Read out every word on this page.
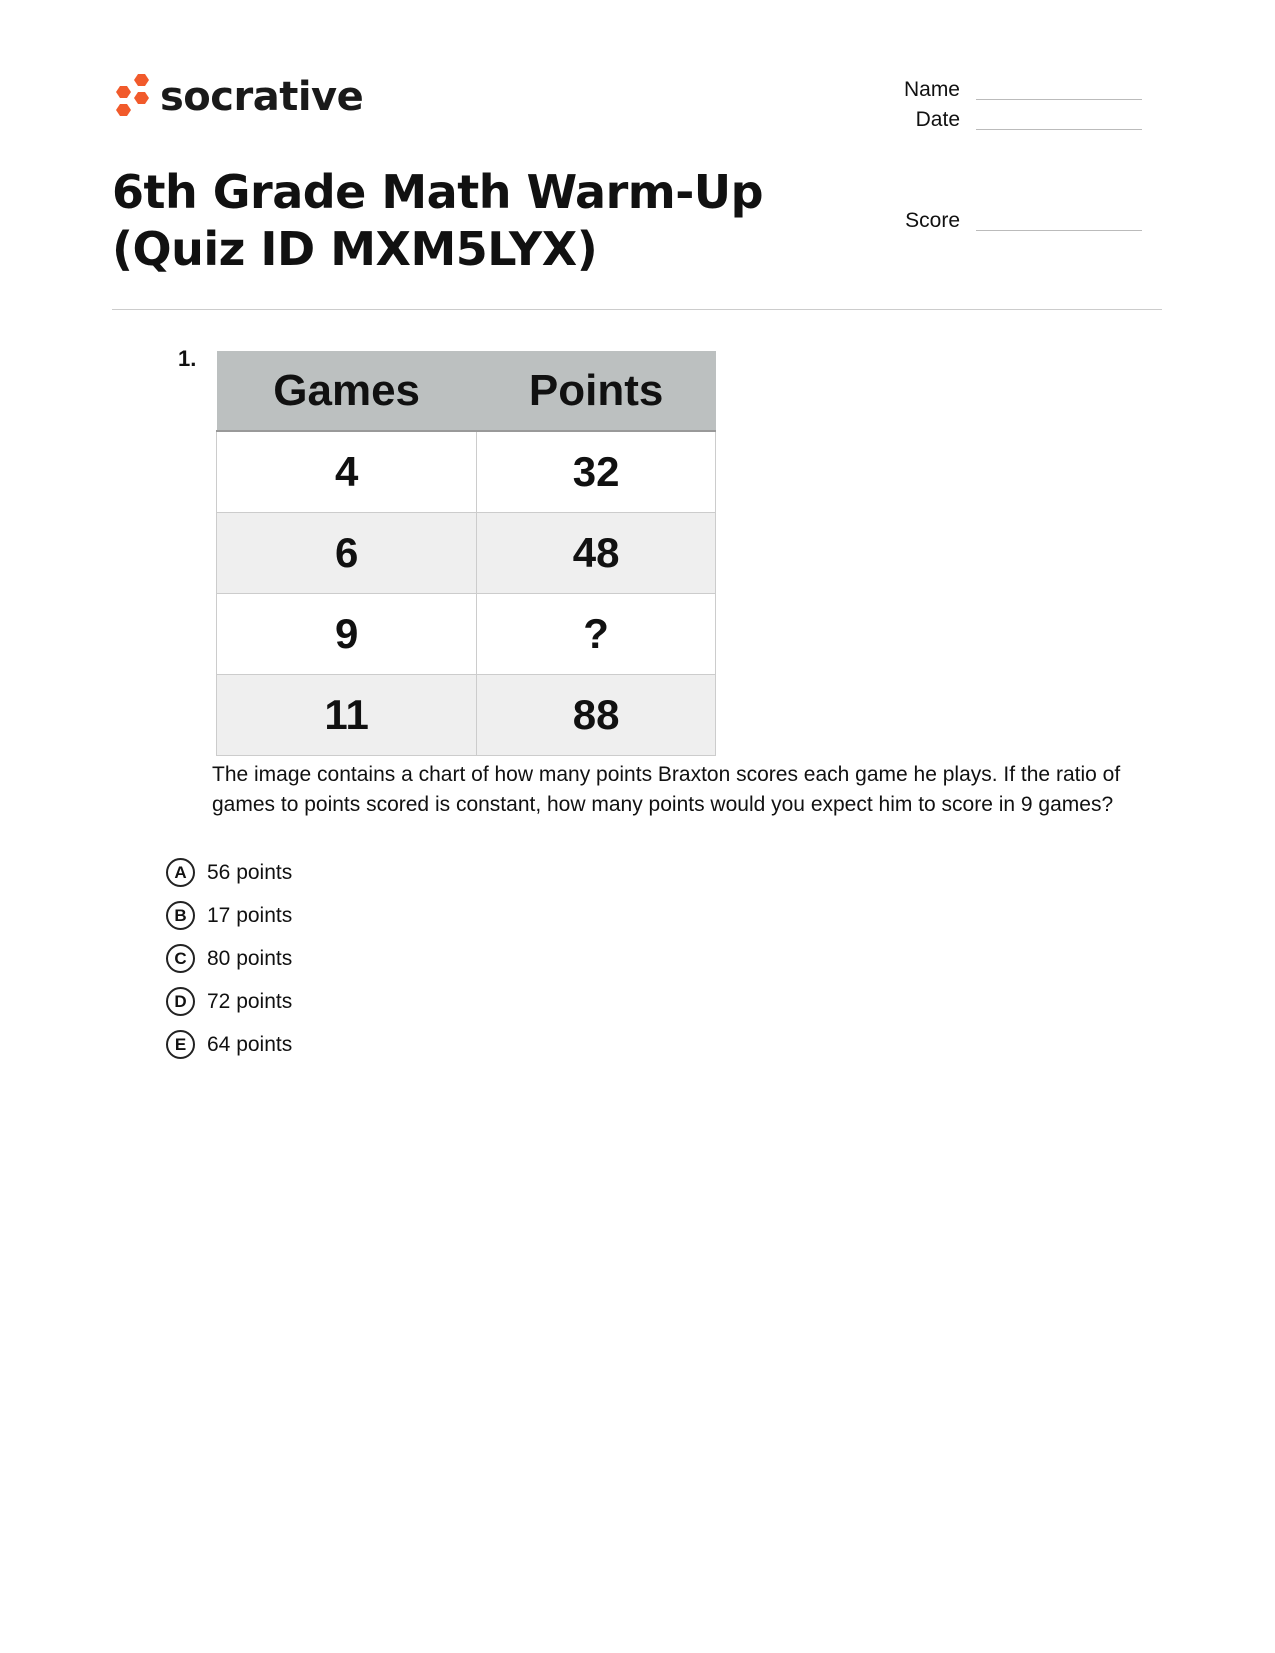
socrative	Name
Date
Score
6th Grade Math Warm-Up (Quiz ID MXM5LYX)
1.
Games	Points
4	32
6	48
9	?
11	88
The image contains a chart of how many points Braxton scores each game he plays. If the ratio of games to points scored is constant, how many points would you expect him to score in 9 games?
A 56 points
B 17 points
C 80 points
D 72 points
E 64 points
